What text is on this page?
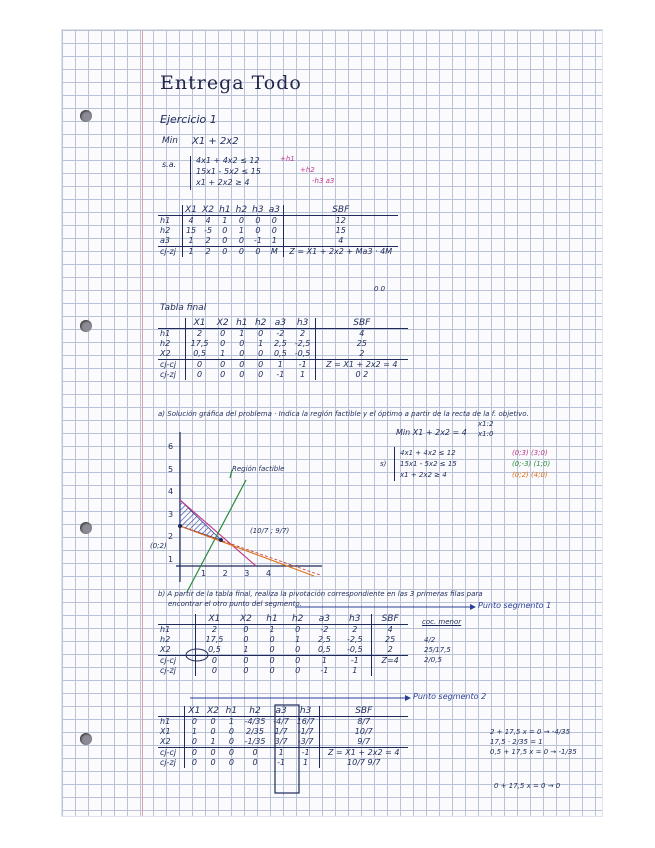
Entrega Todo
Ejercicio 1
Min X1 + 2x2
s.a. 4x1 + 4x2 ≤ 12
15x1 - 5x2 ≤ 15
x1 + 2x2 ≥ 4
+h1
+h2
-h3 a3
	X1	X2	h1	h2	h3	a3	SBF
h1	4	4	1	0	0	0	12
h2	15	-5	0	1	0	0	15
a3	1	2	0	0	-1	1	4
cj-zj	1	2	0	0	0	M	Z = X1 + 2x2 + Ma3 · 4M
0 0
Tabla final
	X1	X2	h1	h2	a3	h3	SBF
h1	2	0	1	0	-2	2	4
h2	17,5	0	0	1	2,5	-2,5	25
X2	0,5	1	0	0	0,5	-0,5	2
cj-cj	0	0	0	0	1	-1	Z = X1 + 2x2 = 4
cj-zj	0	0	0	0	-1	1	0 2
a) Solución gráfica del problema · Indica la región factible y el óptimo a partir de la recta de la f. objetivo.
Min X1 + 2x2 = 4
x1:2
x1:0
s)
4x1 + 4x2 ≤ 12
15x1 - 5x2 ≤ 15
x1 + 2x2 ≥ 4
(0;3) (3;0)
(0;-3) (1;0)
(0;2) (4;0)
6
5
4
3
2
1
1 2 3 4
Región factible
(10/7 ; 9/7)
(0;2)
b) A partir de la tabla final, realiza la pivotación correspondiente en las 3 primeras filas para
encontrar el otro punto del segmento.	Punto segmento 1
Punto segmento 2
	X1	X2	h1	h2	a3	h3	SBF
h1	2	0	1	0	-2	2	4
h2	17,5	0	0	1	2,5	-2,5	25
X2	0,5	1	0	0	0,5	-0,5	2
cj-cj	0	0	0	0	1	-1	Z=4
cj-zj	0	0	0	0	-1	1	
coc. menor
4/2
25/17,5
2/0,5
	X1	X2	h1	h2	a3	h3	SBF
h1	0	0	1	-4/35	-4/7	16/7	8/7
X1	1	0	0	2/35	1/7	-1/7	10/7
X2	0	1	0	-1/35	3/7	-3/7	9/7
cj-cj	0	0	0	0	1	-1	Z = X1 + 2x2 = 4
cj-zj	0	0	0	0	-1	1	10/7 9/7
2 + 17,5 x = 0 → -4/35
17,5 · 2/35 = 1
0,5 + 17,5 x = 0 → -1/35
0 + 17,5 x = 0 → 0
